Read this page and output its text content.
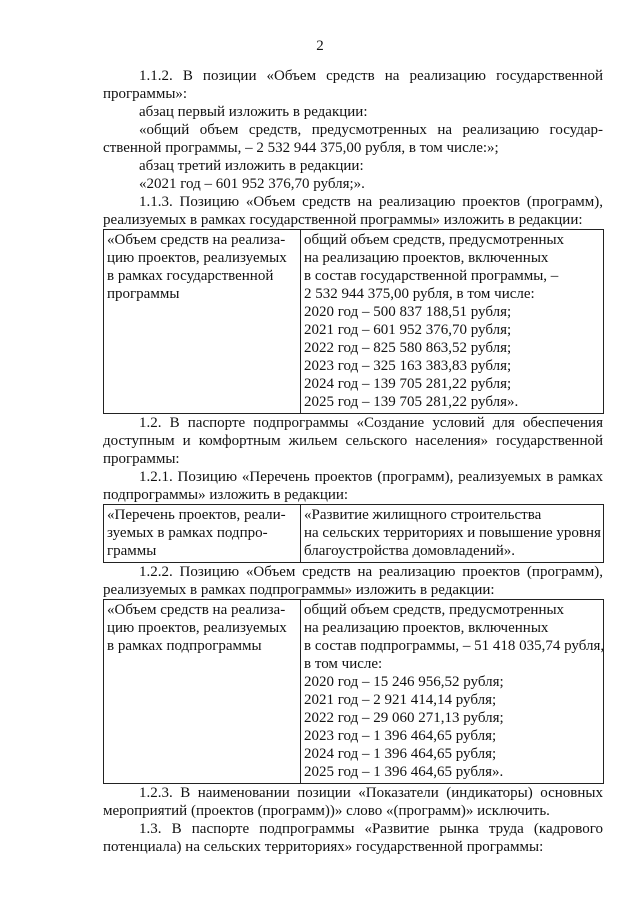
2

1.1.2. В позиции «Объем средств на реализацию государственной программы»:

абзац первый изложить в редакции:

«общий объем средств, предусмотренных на реализацию государ-ственной программы, – 2 532 944 375,00 рубля, в том числе:»;

абзац третий изложить в редакции:

«2021 год – 601 952 376,70 рубля;».

1.1.3. Позицию «Объем средств на реализацию проектов (программ), реализуемых в рамках государственной программы» изложить в редакции:

«Объем средств на реализа-
цию проектов, реализуемых
в рамках государственной
программы

общий объем средств, предусмотренных
на реализацию проектов, включенных
в состав государственной программы, –
2 532 944 375,00 рубля, в том числе:
2020 год – 500 837 188,51 рубля;
2021 год – 601 952 376,70 рубля;
2022 год – 825 580 863,52 рубля;
2023 год – 325 163 383,83 рубля;
2024 год – 139 705 281,22 рубля;
2025 год – 139 705 281,22 рубля».

1.2. В паспорте подпрограммы «Создание условий для обеспечения доступным и комфортным жильем сельского населения» государственной программы:

1.2.1. Позицию «Перечень проектов (программ), реализуемых в рамках подпрограммы» изложить в редакции:

«Перечень проектов, реали-
зуемых в рамках подпро-
граммы

«Развитие жилищного строительства
на сельских территориях и повышение уровня
благоустройства домовладений».

1.2.2. Позицию «Объем средств на реализацию проектов (программ), реализуемых в рамках подпрограммы» изложить в редакции:

«Объем средств на реализа-
цию проектов, реализуемых
в рамках подпрограммы

общий объем средств, предусмотренных
на реализацию проектов, включенных
в состав подпрограммы, – 51 418 035,74 рубля,
в том числе:
2020 год – 15 246 956,52 рубля;
2021 год – 2 921 414,14 рубля;
2022 год – 29 060 271,13 рубля;
2023 год – 1 396 464,65 рубля;
2024 год – 1 396 464,65 рубля;
2025 год – 1 396 464,65 рубля».

1.2.3. В наименовании позиции «Показатели (индикаторы) основных мероприятий (проектов (программ))» слово «(программ)» исключить.

1.3. В паспорте подпрограммы «Развитие рынка труда (кадрового потенциала) на сельских территориях» государственной программы:
